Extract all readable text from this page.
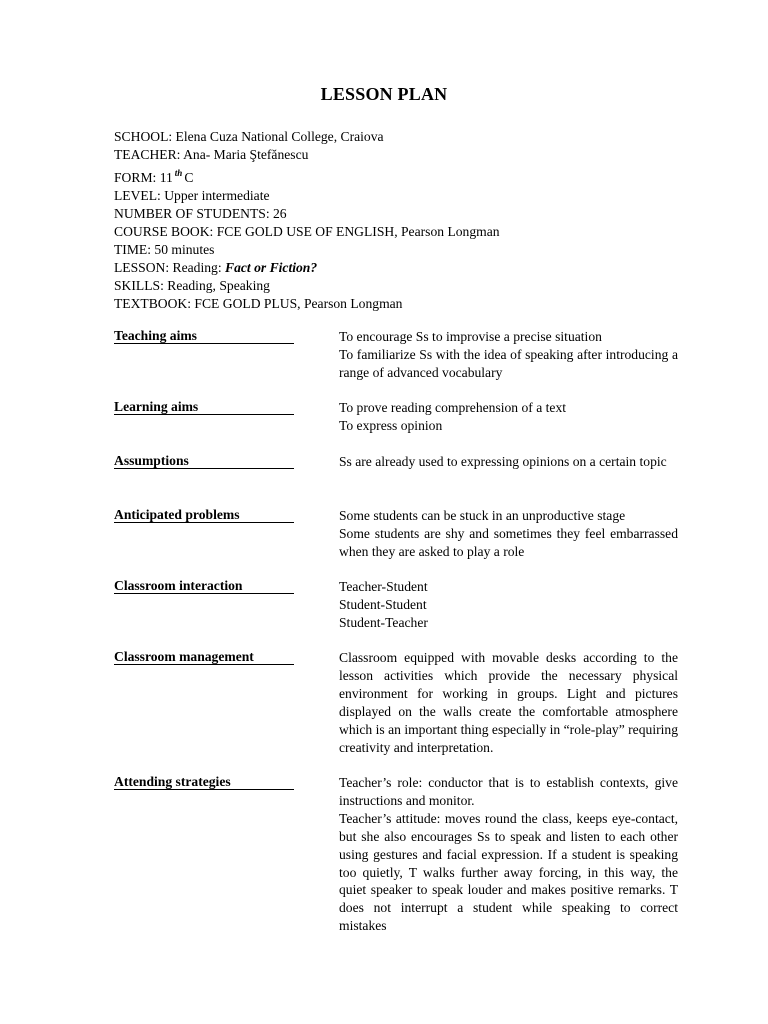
LESSON PLAN
SCHOOL: Elena Cuza National College, Craiova
TEACHER: Ana- Maria Ştefănescu
FORM: 11 $^{th}$ C
LEVEL: Upper intermediate
NUMBER OF STUDENTS: 26
COURSE BOOK: FCE GOLD USE OF ENGLISH, Pearson Longman
TIME: 50 minutes
LESSON: Reading: Fact or Fiction?
SKILLS: Reading, Speaking
TEXTBOOK: FCE GOLD PLUS, Pearson Longman
Teaching aims	To encourage Ss to improvise a precise situation
To familiarize Ss with the idea of speaking after introducing a range of advanced vocabulary
Learning aims	To prove reading comprehension of a text
To express opinion
Assumptions	Ss are already used to expressing opinions on a certain topic
Anticipated problems	Some students can be stuck in an unproductive stage
Some students are shy and sometimes they feel embarrassed when they are asked to play a role
Classroom interaction	Teacher-Student
Student-Student
Student-Teacher
Classroom management	Classroom equipped with movable desks according to the lesson activities which provide the necessary physical environment for working in groups. Light and pictures displayed on the walls create the comfortable atmosphere which is an important thing especially in “role-play” requiring creativity and interpretation.
Attending strategies	Teacher’s role: conductor that is to establish contexts, give instructions and monitor.
Teacher’s attitude: moves round the class, keeps eye-contact, but she also encourages Ss to speak and listen to each other using gestures and facial expression. If a student is speaking too quietly, T walks further away forcing, in this way, the quiet speaker to speak louder and makes positive remarks. T does not interrupt a student while speaking to correct mistakes
